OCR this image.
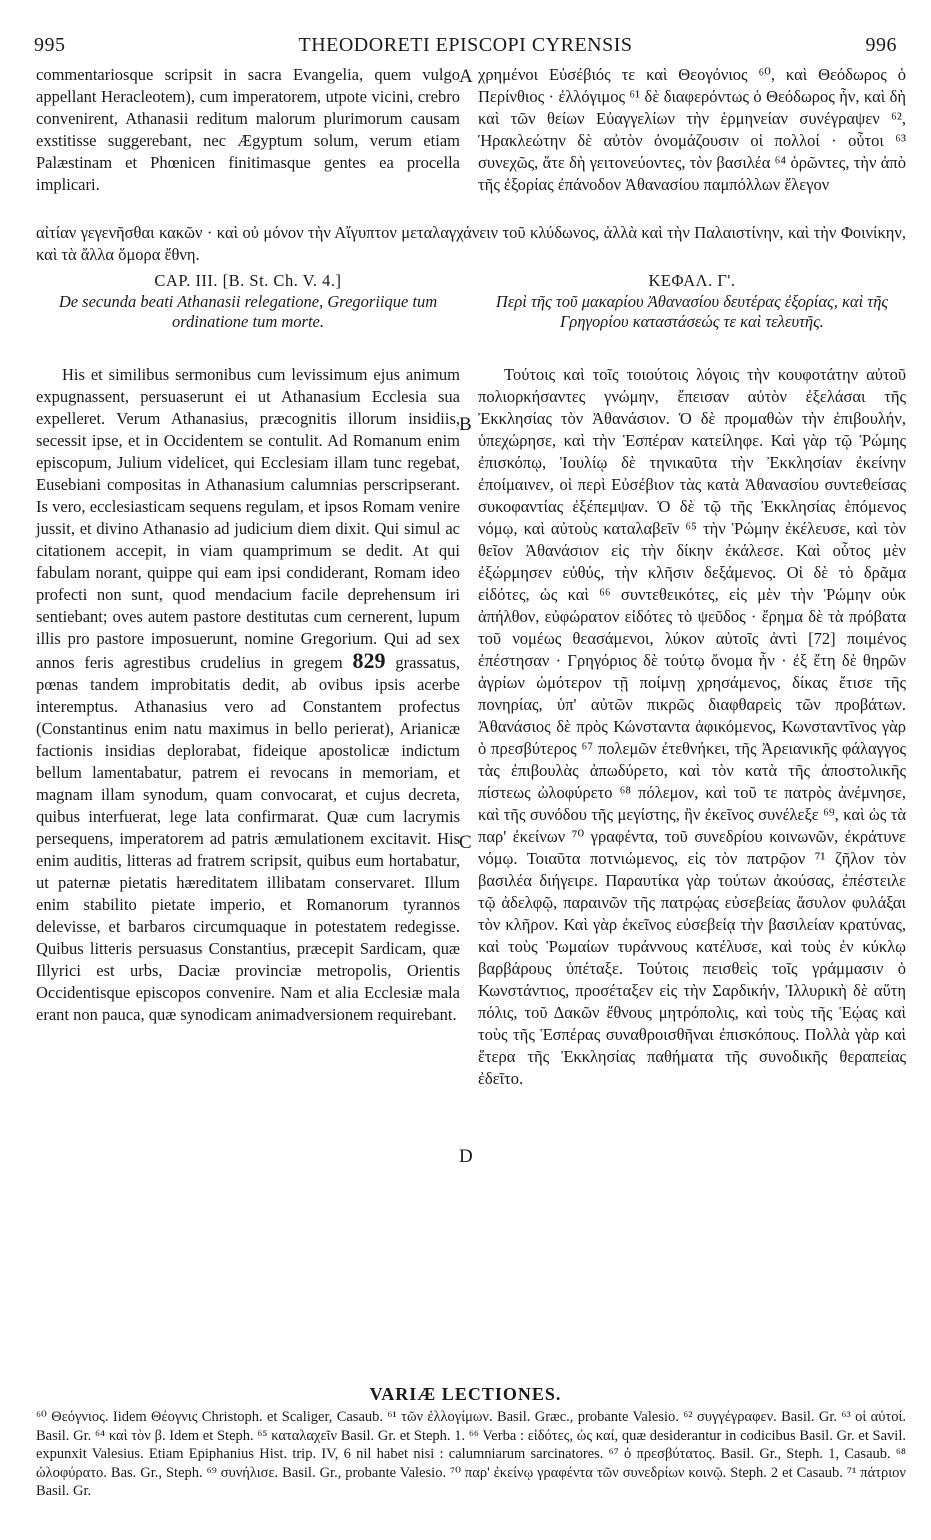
995	THEODORETI EPISCOPI CYRENSIS	996

commentariosque scripsit in sacra Evangelia, quem vulgo appellant Heracleotem), cum imperatorem, utpote vicini, crebro convenirent, Athanasii reditum malorum plurimorum causam exstitisse suggerebant, nec Ægyptum solum, verum etiam Palæstinam et Phœnicen finitimasque gentes ea procella implicari.

A χρημένοι Εὐσέβιός τε καὶ Θεογόνιος ⁶⁰, καὶ Θεόδωρος ὁ Περίνθιος · ἐλλόγιμος ⁶¹ δὲ διαφερόντως ὁ Θεόδωρος ἦν, καὶ δὴ καὶ τῶν θείων Εὐαγγελίων τὴν ἑρμηνείαν συνέγραψεν ⁶², Ἡρακλεώτην δὲ αὐτὸν ὀνομάζουσιν οἱ πολλοί · οὗτοι ⁶³ συνεχῶς, ἅτε δὴ γειτονεύοντες, τὸν βασιλέα ⁶⁴ ὁρῶντες, τὴν ἀπὸ τῆς ἐξορίας ἐπάνοδον Ἀθανασίου παμπόλλων ἔλεγον

αἰτίαν γεγενῆσθαι κακῶν · καὶ οὐ μόνον τὴν Αἴγυπτον μεταλαγχάνειν τοῦ κλύδωνος, ἀλλὰ καὶ τὴν Παλαιστίνην, καὶ τὴν Φοινίκην, καὶ τὰ ἄλλα ὅμορα ἔθνη.

CAP. III. [B. St. Ch. V. 4.]

De secunda beati Athanasii relegatione, Gregoriique tum ordinatione tum morte.

ΚΕΦΑΛ. Γ'.

Περὶ τῆς τοῦ μακαρίου Ἀθανασίου δευτέρας ἐξορίας, καὶ τῆς Γρηγορίου καταστάσεώς τε καὶ τελευτῆς.

His et similibus sermonibus cum levissimum ejus animum expugnassent, persuaserunt ei ut Athanasium Ecclesia sua expelleret. Verum Athanasius, præcognitis illorum insidiis, secessit ipse, et in Occidentem se contulit. Ad Romanum enim episcopum, Julium videlicet, qui Ecclesiam illam tunc regebat, Eusebiani compositas in Athanasium calumnias perscripserant. Is vero, ecclesiasticam sequens regulam, et ipsos Romam venire jussit, et divino Athanasio ad judicium diem dixit. Qui simul ac citationem accepit, in viam quamprimum se dedit. At qui fabulam norant, quippe qui eam ipsi condiderant, Romam ideo profecti non sunt, quod mendacium facile deprehensum iri sentiebant; oves autem pastore destitutas cum cernerent, lupum illis pro pastore imposuerunt, nomine Gregorium. Qui ad sex annos feris agrestibus crudelius in gregem 829 grassatus, pœnas tandem improbitatis dedit, ab ovibus ipsis acerbe interemptus. Athanasius vero ad Constantem profectus (Constantinus enim natu maximus in bello perierat), Arianicæ factionis insidias deplorabat, fideique apostolicæ indictum bellum lamentabatur, patrem ei revocans in memoriam, et magnam illam synodum, quam convocarat, et cujus decreta, quibus interfuerat, lege lata confirmarat. Quæ cum lacrymis persequens, imperatorem ad patris æmulationem excitavit. His enim auditis, litteras ad fratrem scripsit, quibus eum hortabatur, ut paternæ pietatis hæreditatem illibatam conservaret. Illum enim stabilito pietate imperio, et Romanorum tyrannos delevisse, et barbaros circumquaque in potestatem redegisse. Quibus litteris persuasus Constantius, præcepit Sardicam, quæ Illyrici est urbs, Daciæ provinciæ metropolis, Orientis Occidentisque episcopos convenire. Nam et alia Ecclesiæ mala erant non pauca, quæ synodicam animadversionem requirebant.

B
C
D

Τούτοις καὶ τοῖς τοιούτοις λόγοις τὴν κουφοτάτην αὐτοῦ πολιορκήσαντες γνώμην, ἔπεισαν αὐτὸν ἐξελάσαι τῆς Ἐκκλησίας τὸν Ἀθανάσιον. Ὁ δὲ προμαθὼν τὴν ἐπιβουλήν, ὑπεχώρησε, καὶ τὴν Ἑσπέραν κατείληφε. Καὶ γὰρ τῷ Ῥώμης ἐπισκόπῳ, Ἰουλίῳ δὲ τηνικαῦτα τὴν Ἐκκλησίαν ἐκείνην ἐποίμαινεν, οἱ περὶ Εὐσέβιον τὰς κατὰ Ἀθανασίου συντεθείσας συκοφαντίας ἐξέπεμψαν. Ὁ δὲ τῷ τῆς Ἐκκλησίας ἑπόμενος νόμῳ, καὶ αὐτοὺς καταλαβεῖν ⁶⁵ τὴν Ῥώμην ἐκέλευσε, καὶ τὸν θεῖον Ἀθανάσιον εἰς τὴν δίκην ἐκάλεσε. Καὶ οὗτος μὲν ἐξώρμησεν εὐθύς, τὴν κλῆσιν δεξάμενος. Οἱ δὲ τὸ δρᾶμα εἰδότες, ὡς καὶ ⁶⁶ συντεθεικότες, εἰς μὲν τὴν Ῥώμην οὐκ ἀπήλθον, εὐφώρατον εἰδότες τὸ ψεῦδος · ἔρημα δὲ τὰ πρόβατα τοῦ νομέως θεασάμενοι, λύκον αὐτοῖς ἀντὶ [72] ποιμένος ἐπέστησαν · Γρηγόριος δὲ τούτῳ ὄνομα ἦν · ἐξ ἔτη δὲ θηρῶν ἀγρίων ὠμότερον τῇ ποίμνῃ χρησάμενος, δίκας ἔτισε τῆς πονηρίας, ὑπ' αὐτῶν πικρῶς διαφθαρεὶς τῶν προβάτων. Ἀθανάσιος δὲ πρὸς Κώνσταντα ἀφικόμενος, Κωνσταντῖνος γὰρ ὁ πρεσβύτερος ⁶⁷ πολεμῶν ἐτεθνήκει, τῆς Ἀρειανικῆς φάλαγγος τὰς ἐπιβουλὰς ἀπωδύρετο, καὶ τὸν κατὰ τῆς ἀποστολικῆς πίστεως ὠλοφύρετο ⁶⁸ πόλεμον, καὶ τοῦ τε πατρὸς ἀνέμνησε, καὶ τῆς συνόδου τῆς μεγίστης, ἣν ἐκεῖνος συνέλεξε ⁶⁹, καὶ ὡς τὰ παρ' ἐκείνων ⁷⁰ γραφέντα, τοῦ συνεδρίου κοινωνῶν, ἐκράτυνε νόμῳ. Τοιαῦτα ποτνιώμενος, εἰς τὸν πατρῷον ⁷¹ ζῆλον τὸν βασιλέα διήγειρε. Παραυτίκα γὰρ τούτων ἀκούσας, ἐπέστειλε τῷ ἀδελφῷ, παραινῶν τῆς πατρῴας εὐσεβείας ἄσυλον φυλάξαι τὸν κλῆρον. Καὶ γὰρ ἐκεῖνος εὐσεβείᾳ τὴν βασιλείαν κρατύνας, καὶ τοὺς Ῥωμαίων τυράννους κατέλυσε, καὶ τοὺς ἐν κύκλῳ βαρβάρους ὑπέταξε. Τούτοις πεισθεὶς τοῖς γράμμασιν ὁ Κωνστάντιος, προσέταξεν εἰς τὴν Σαρδικήν, Ἰλλυρικὴ δὲ αὕτη πόλις, τοῦ Δακῶν ἔθνους μητρόπολις, καὶ τοὺς τῆς Ἑῴας καὶ τοὺς τῆς Ἑσπέρας συναθροισθῆναι ἐπισκόπους. Πολλὰ γὰρ καὶ ἕτερα τῆς Ἐκκλησίας παθήματα τῆς συνοδικῆς θεραπείας ἐδεῖτο.

VARIÆ LECTIONES.

⁶⁰ Θεόγνιος. Iidem Θέογνις Christoph. et Scaliger, Casaub. ⁶¹ τῶν ἐλλογίμων. Basil. Græc., probante Valesio. ⁶² συγγέγραφεν. Basil. Gr. ⁶³ οἱ αὐτοί. Basil. Gr. ⁶⁴ καὶ τὸν β. Idem et Steph. ⁶⁵ καταλαχεῖν Basil. Gr. et Steph. 1. ⁶⁶ Verba : εἰδότες, ὡς καί, quæ desiderantur in codicibus Basil. Gr. et Savil. expunxit Valesius. Etiam Epiphanius Hist. trip. IV, 6 nil habet nisi : calumniarum sarcinatores. ⁶⁷ ὁ πρεσβύτατος. Basil. Gr., Steph. 1, Casaub. ⁶⁸ ὠλοφύρατο. Bas. Gr., Steph. ⁶⁹ συνήλισε. Basil. Gr., probante Valesio. ⁷⁰ παρ' ἐκείνῳ γραφέντα τῶν συνεδρίων κοινῷ. Steph. 2 et Casaub. ⁷¹ πάτριον Basil. Gr.
